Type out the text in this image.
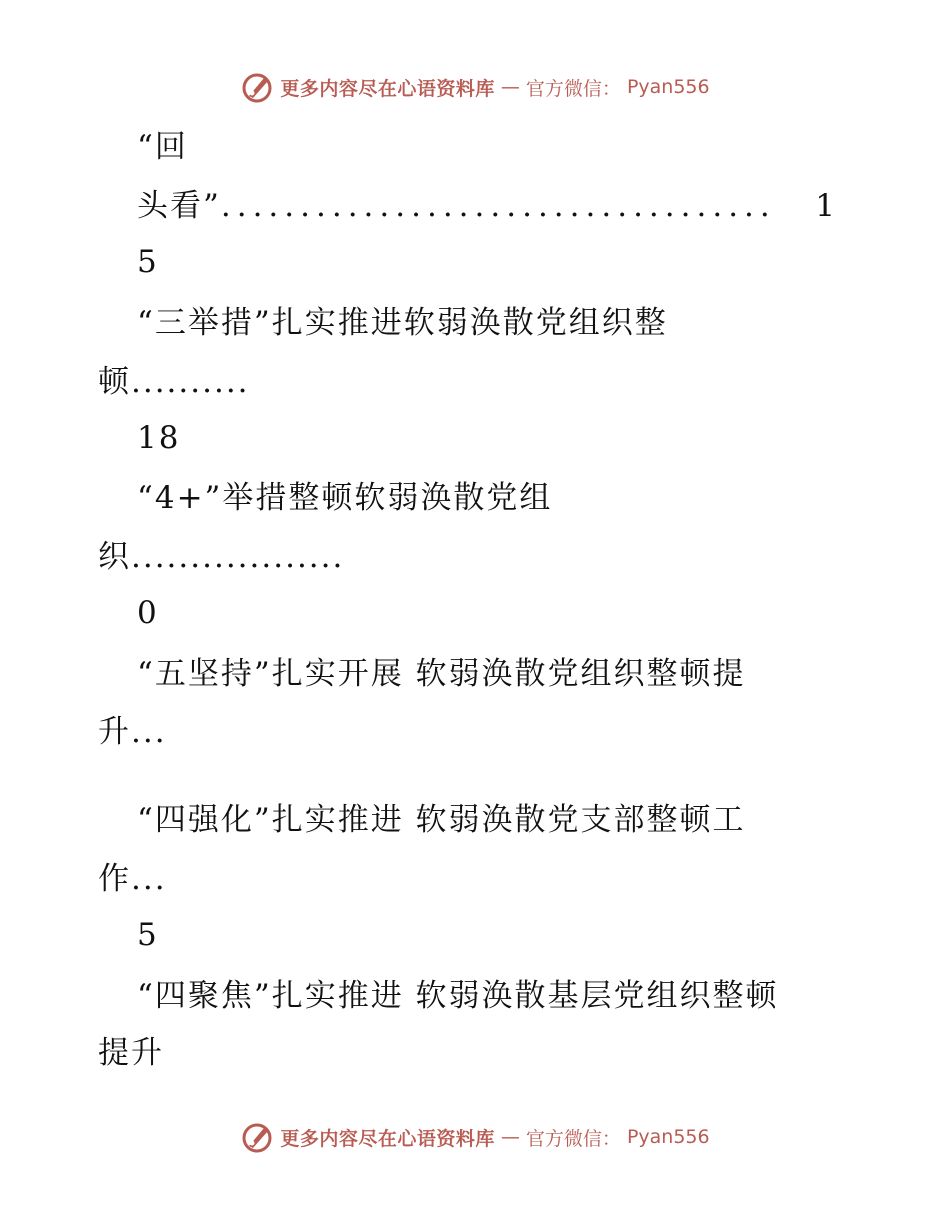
更多内容尽在心语资料库 — 官方微信： Pyan556
“回
头看” ...................................	1
5
“三举措”扎实推进软弱涣散党组织整
顿..........
18
“4+”举措整顿软弱涣散党组
织..................
0
“五坚持”扎实开展 软弱涣散党组织整顿提
升...
“四强化”扎实推进 软弱涣散党支部整顿工
作...
5
“四聚焦”扎实推进 软弱涣散基层党组织整顿
提升
更多内容尽在心语资料库 — 官方微信： Pyan556
